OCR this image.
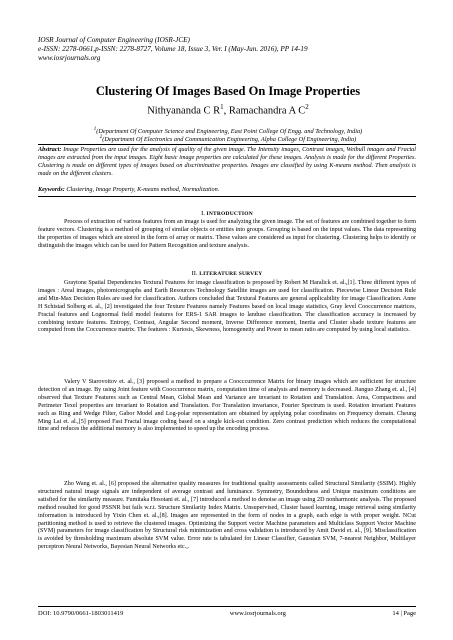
IOSR Journal of Computer Engineering (IOSR-JCE)
e-ISSN: 2278-0661,p-ISSN: 2278-8727, Volume 18, Issue 3, Ver. I (May-Jun. 2016), PP 14-19
www.iosrjournals.org
Clustering Of Images Based On Image Properties
Nithyananda C $R^1$, Ramachandra A $C^2$
$^1$(Department Of Computer Science and Engineering, East Point College Of Engg. and Technology, India)
$^2$(Department Of Electronics and Communication Engineering, Alpha College Of Engineering, India)
Abstract: Image Properties are used for the analysis of quality of the given image. The Intensity images, Contrast images, Weibull images and Fractal images are extracted from the input images. Eight basic image properties are calculated for these images. Analysis is made for the different Properties. Clustering is made on different types of images based on discriminative properties. Images are classified by using K-means method. Then analysis is made on the different clusters.
Keywords: Clustering, Image Property, K-means method, Normalization.
I. INTRODUCTION

Process of extraction of various features from an image is used for analyzing the given image. The set of features are combined together to form feature vectors. Clustering is a method of grouping of similar objects or entities into groups. Grouping is based on the input values. The data representing the properties of images which are stored in the form of array or matrix. These values are considered as input for clustering. Clustering helps to identify or distinguish the images which can be used for Pattern Recognition and texture analysis.

II. LITERATURE SURVEY

Graytone Spatial Dependencies Textural Features for image classification is proposed by Robert M Haralick et. al.,[1]. Three different types of images : Areal images, photomicrographs and Earth Resources Technology Satellite images are used for classification. Piecewise Linear Decision Rule and Min-Max Decision Rules are used for classification. Authors concluded that Textural Features are general applicability for image Classification. Anne H Schistad Solberg et. al., [2] investigated the four Texture Features namely Features based on local image statistics, Gray level Cooccurrence matrices, Fractal features and Lognormal field model features for ERS-1 SAR images to landuse classification. The classification accuracy is increased by combining texture features. Entropy, Contrast, Angular Second moment, Inverse Difference moment, Inertia and Cluster shade texture features are computed from the Coccurrence matrix. The features : Kurtosis, Skewness, homogeneity and Power to mean ratio are computed by using local statistics.

Valery V Starovoitov et. al., [3] proposed a method to prepare a Coocccurrence Matrix for binary images which are sufficient for structure detection of an image. By using Joint feature with Cooccurrence matrix, computation time of analysis and memory is decreased. Jianguo Zhang et. al., [4] observed that Texture Features such as Central Mean, Global Mean and Variance are invariant to Rotation and Translation. Area, Compactness and Perimeter Texel properties are invariant to Rotation and Translation. For Translation invariance, Fourier Spectrum is used. Rotation invariant Features such as Ring and Wedge Filter, Gabor Model and Log-polar representation are obtained by applying polar coordinates on Frequency domain. Cheung Ming Lai et. al.,[5] proposed Fast Fractal image coding based on a single kick-out condition. Zero contrast prediction which reduces the computational time and reduces the additional memory is also implemented to speed up the encoding process.

Zho Wang et. al., [6] proposed the alternative quality measures for traditional quality assessments called Structural Similarity (SSIM). Highly structured natural image signals are independent of average contrast and luminance. Symmetry, Boundedness and Unique maximum conditions are satisfied for the similarity measure. Fumitaka Hosotani et. al., [7] introduced a method to denoise an image using 2D nonharmonic analysis. The proposed method resulted for good PSSNR but fails w.r.t. Structure Similarity Index Matrix. Unsupervised, Cluster based learning, image retrieval using similarity information is introduced by Yixin Chen et. al.,[8]. Images are represented in the form of nodes in a graph, each edge is with proper weight. NCut partitioning method is used to retrieve the clustered images. Optimizing the Support vector Machine parameters and Multiclass Support Vector Machine (SVM) parameters for image classification by Structural risk minimization and cross validation is introduced by Amit David et. al., [9]. Misclassification is avoided by thresholding maximum absolute SVM value. Error rate is tabulated for Linear Classifier, Gaussian SVM, 7-nearest Neighbor, Multilayer perceptron Neural Networks, Bayesian Neural Networks etc.,.

DOI: 10.9790/0661-1803011419	www.iosrjournals.org	14 | Page
